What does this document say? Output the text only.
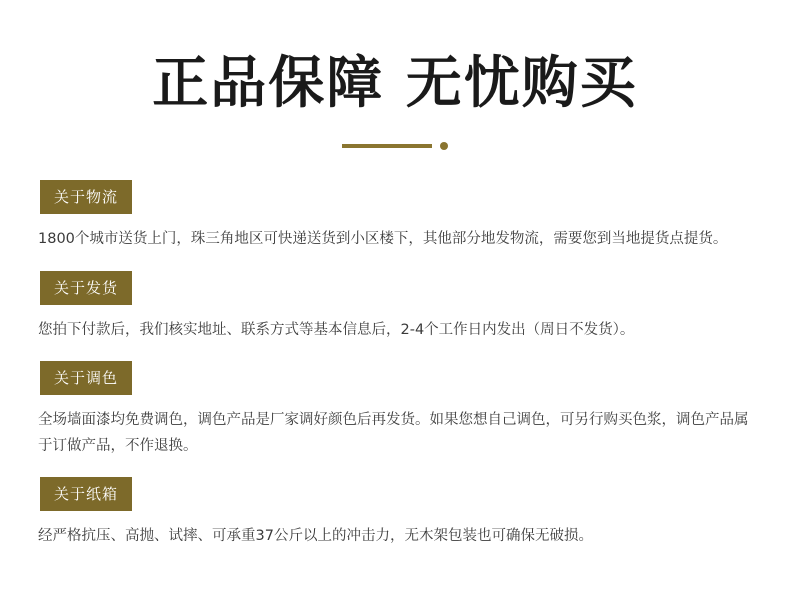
正品保障 无忧购买
关于物流
1800个城市送货上门，珠三角地区可快递送货到小区楼下，其他部分地发物流，需要您到当地提货点提货。
关于发货
您拍下付款后，我们核实地址、联系方式等基本信息后，2-4个工作日内发出（周日不发货）。
关于调色
全场墙面漆均免费调色，调色产品是厂家调好颜色后再发货。如果您想自己调色，可另行购买色浆，调色产品属于订做产品，不作退换。
关于纸箱
经严格抗压、高抛、试摔、可承重37公斤以上的冲击力，无木架包装也可确保无破损。
